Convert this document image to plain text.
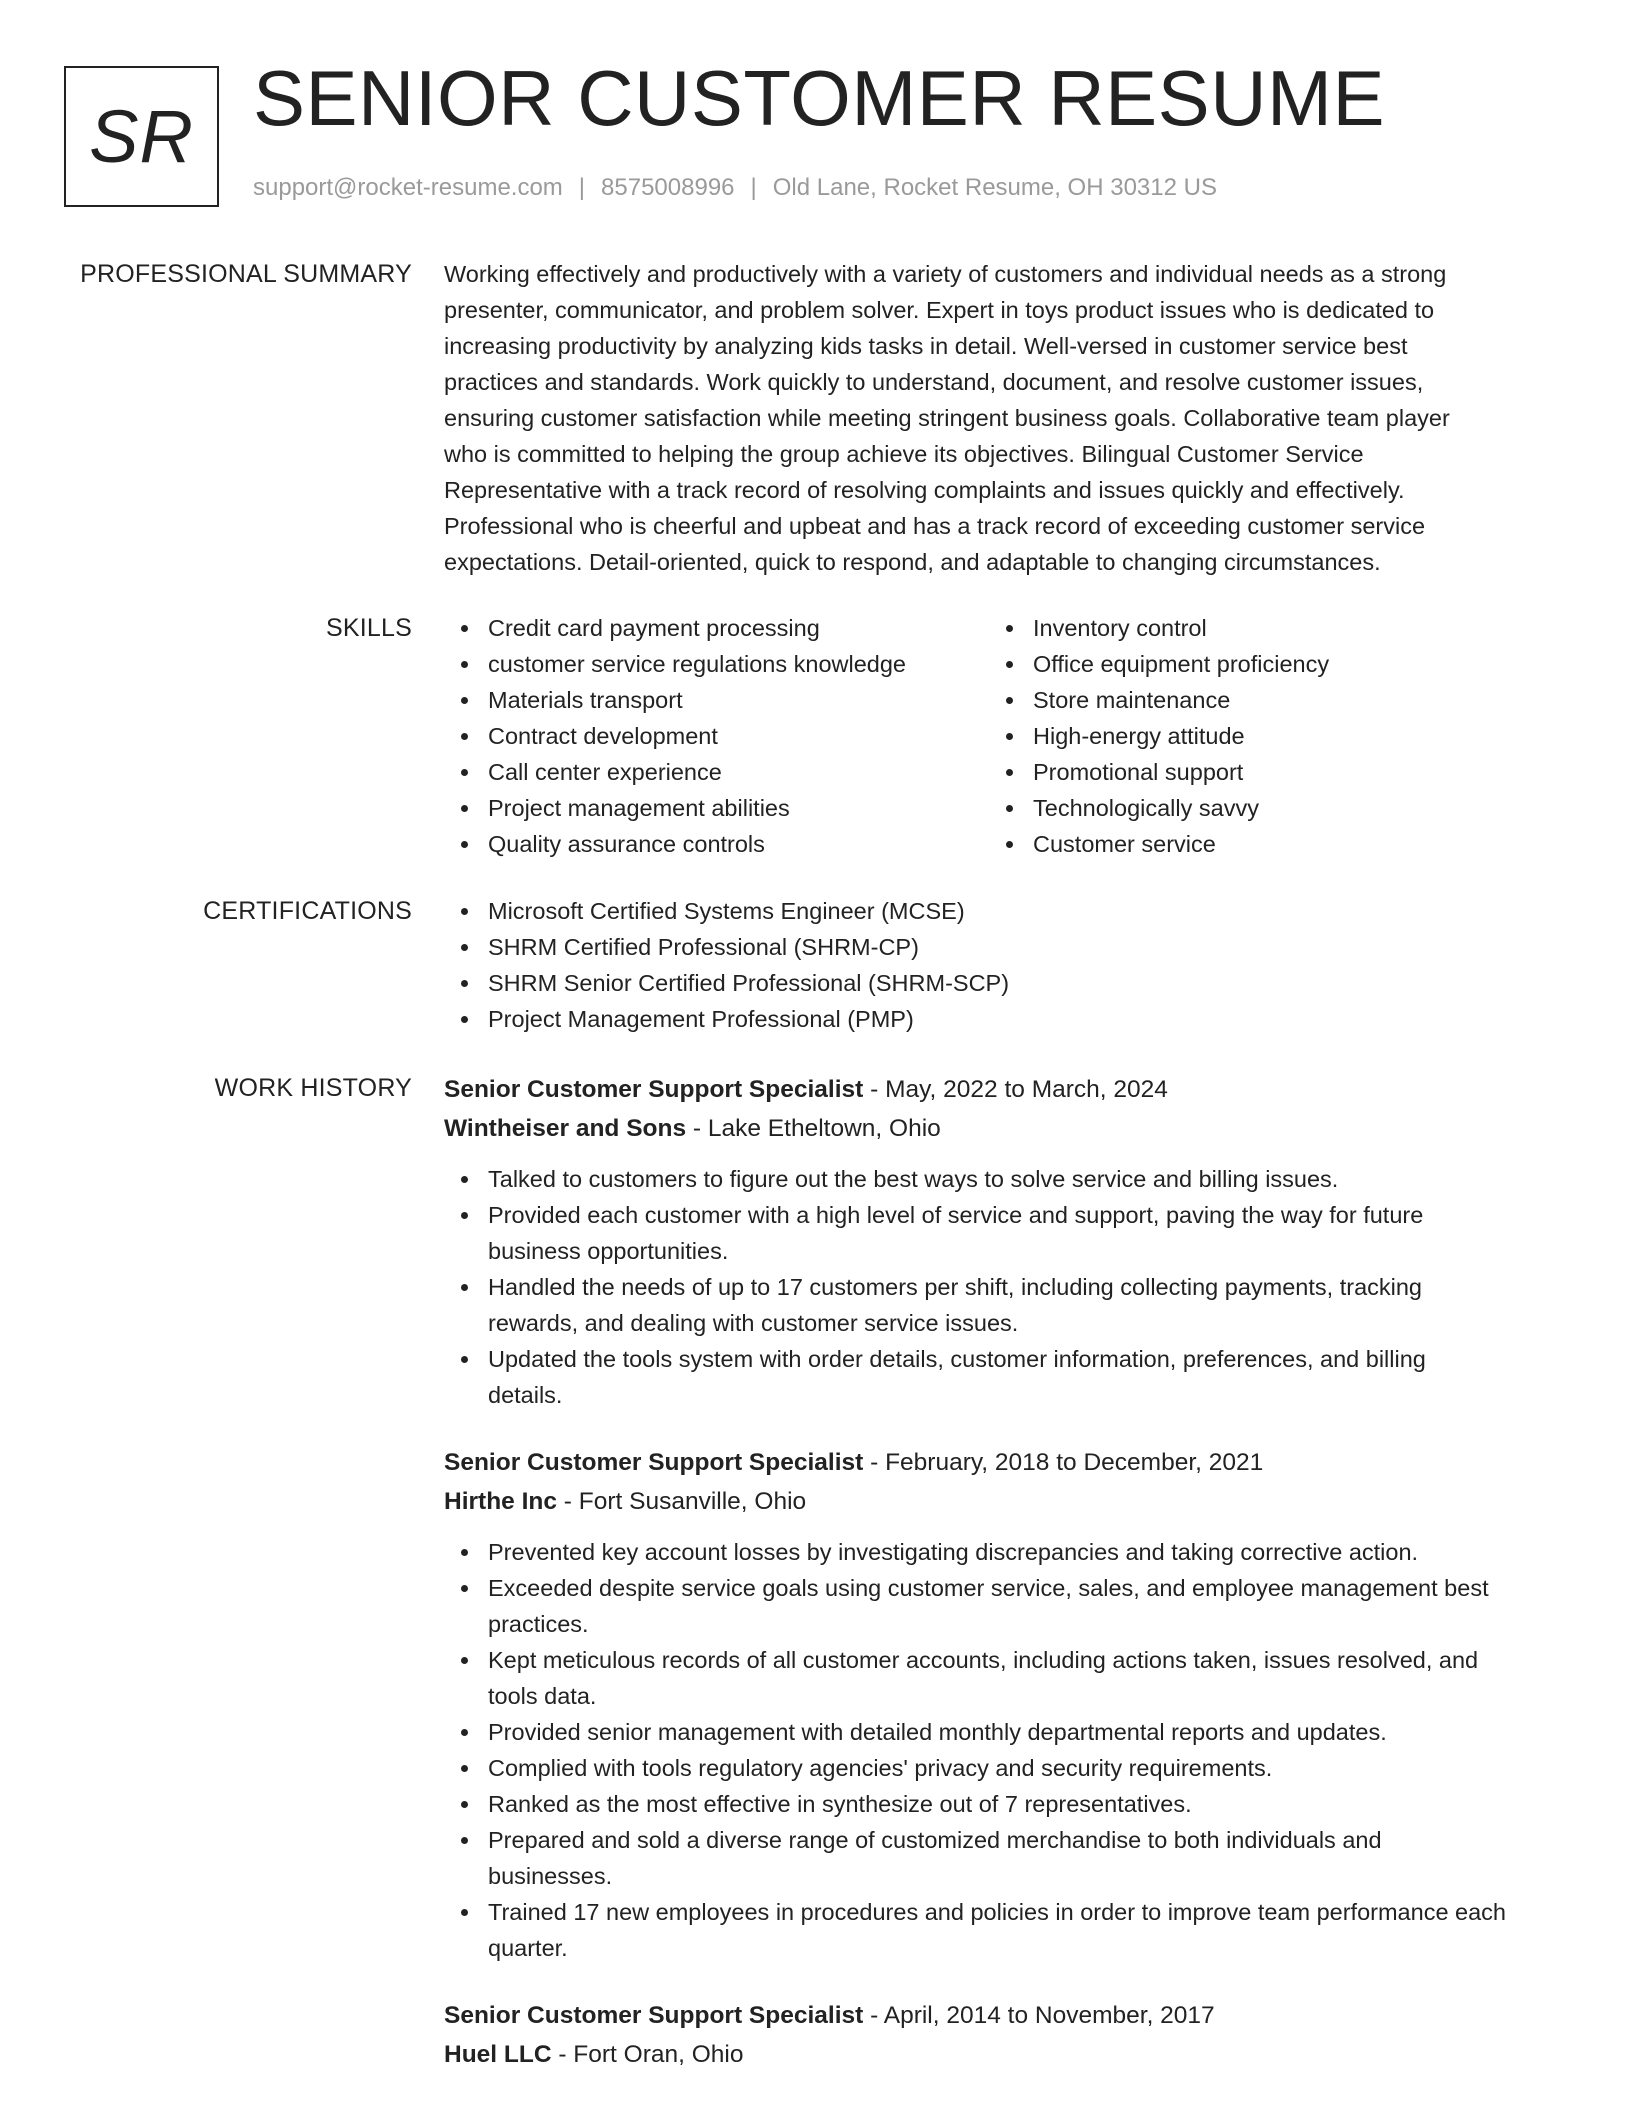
SR SENIOR CUSTOMER RESUME
support@rocket-resume.com | 8575008996 | Old Lane, Rocket Resume, OH 30312 US
PROFESSIONAL SUMMARY Working effectively and productively with a variety of customers and individual needs as a strong
presenter, communicator, and problem solver. Expert in toys product issues who is dedicated to
increasing productivity by analyzing kids tasks in detail. Well-versed in customer service best
practices and standards. Work quickly to understand, document, and resolve customer issues,
ensuring customer satisfaction while meeting stringent business goals. Collaborative team player
who is committed to helping the group achieve its objectives. Bilingual Customer Service
Representative with a track record of resolving complaints and issues quickly and effectively.
Professional who is cheerful and upbeat and has a track record of exceeding customer service
expectations. Detail-oriented, quick to respond, and adaptable to changing circumstances.
SKILLS	Credit card payment processing
customer service regulations knowledge
Materials transport
Contract development
Call center experience
Project management abilities
Quality assurance controls
Inventory control
Office equipment proficiency
Store maintenance
High-energy attitude
Promotional support
Technologically savvy
Customer service
CERTIFICATIONS	Microsoft Certified Systems Engineer (MCSE)
SHRM Certified Professional (SHRM-CP)
SHRM Senior Certified Professional (SHRM-SCP)
Project Management Professional (PMP)
WORK HISTORY Senior Customer Support Specialist - May, 2022 to March, 2024
Wintheiser and Sons - Lake Etheltown, Ohio
Talked to customers to figure out the best ways to solve service and billing issues.
Provided each customer with a high level of service and support, paving the way for future
business opportunities.
Handled the needs of up to 17 customers per shift, including collecting payments, tracking
rewards, and dealing with customer service issues.
Updated the tools system with order details, customer information, preferences, and billing
details.
Senior Customer Support Specialist - February, 2018 to December, 2021
Hirthe Inc - Fort Susanville, Ohio
Prevented key account losses by investigating discrepancies and taking corrective action.
Exceeded despite service goals using customer service, sales, and employee management best
practices.
Kept meticulous records of all customer accounts, including actions taken, issues resolved, and
tools data.
Provided senior management with detailed monthly departmental reports and updates.
Complied with tools regulatory agencies' privacy and security requirements.
Ranked as the most effective in synthesize out of 7 representatives.
Prepared and sold a diverse range of customized merchandise to both individuals and
businesses.
Trained 17 new employees in procedures and policies in order to improve team performance each
quarter.
Senior Customer Support Specialist - April, 2014 to November, 2017
Huel LLC - Fort Oran, Ohio
